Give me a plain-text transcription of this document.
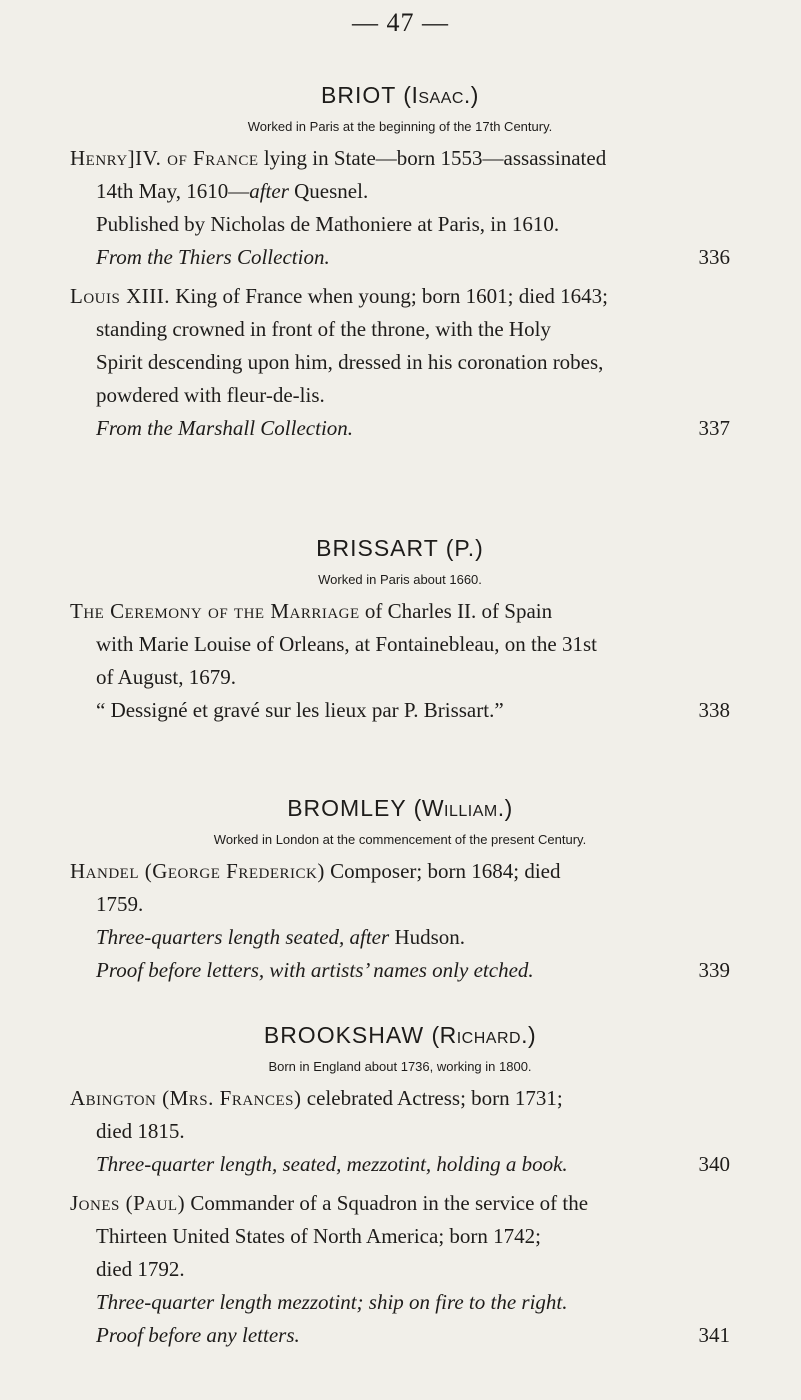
— 47 —
BRIOT (Isaac.)
Worked in Paris at the beginning of the 17th Century.
Henry]IV. of France lying in State—born 1553—assassinated
14th May, 1610—after Quesnel.
Published by Nicholas de Mathoniere at Paris, in 1610.
From the Thiers Collection.	336
Louis XIII. King of France when young; born 1601; died 1643;
standing crowned in front of the throne, with the Holy
Spirit descending upon him, dressed in his coronation robes,
powdered with fleur-de-lis.
From the Marshall Collection.	337
BRISSART (P.)
Worked in Paris about 1660.
The Ceremony of the Marriage of Charles II. of Spain
with Marie Louise of Orleans, at Fontainebleau, on the 31st
of August, 1679.
“ Dessigné et gravé sur les lieux par P. Brissart.”	338
BROMLEY (William.)
Worked in London at the commencement of the present Century.
Handel (George Frederick) Composer; born 1684; died
1759.
Three-quarters length seated, after Hudson.
Proof before letters, with artists’ names only etched.	339
BROOKSHAW (Richard.)
Born in England about 1736, working in 1800.
Abington (Mrs. Frances) celebrated Actress; born 1731;
died 1815.
Three-quarter length, seated, mezzotint, holding a book.	340
Jones (Paul) Commander of a Squadron in the service of the
Thirteen United States of North America; born 1742;
died 1792.
Three-quarter length mezzotint; ship on fire to the right.
Proof before any letters.	341
